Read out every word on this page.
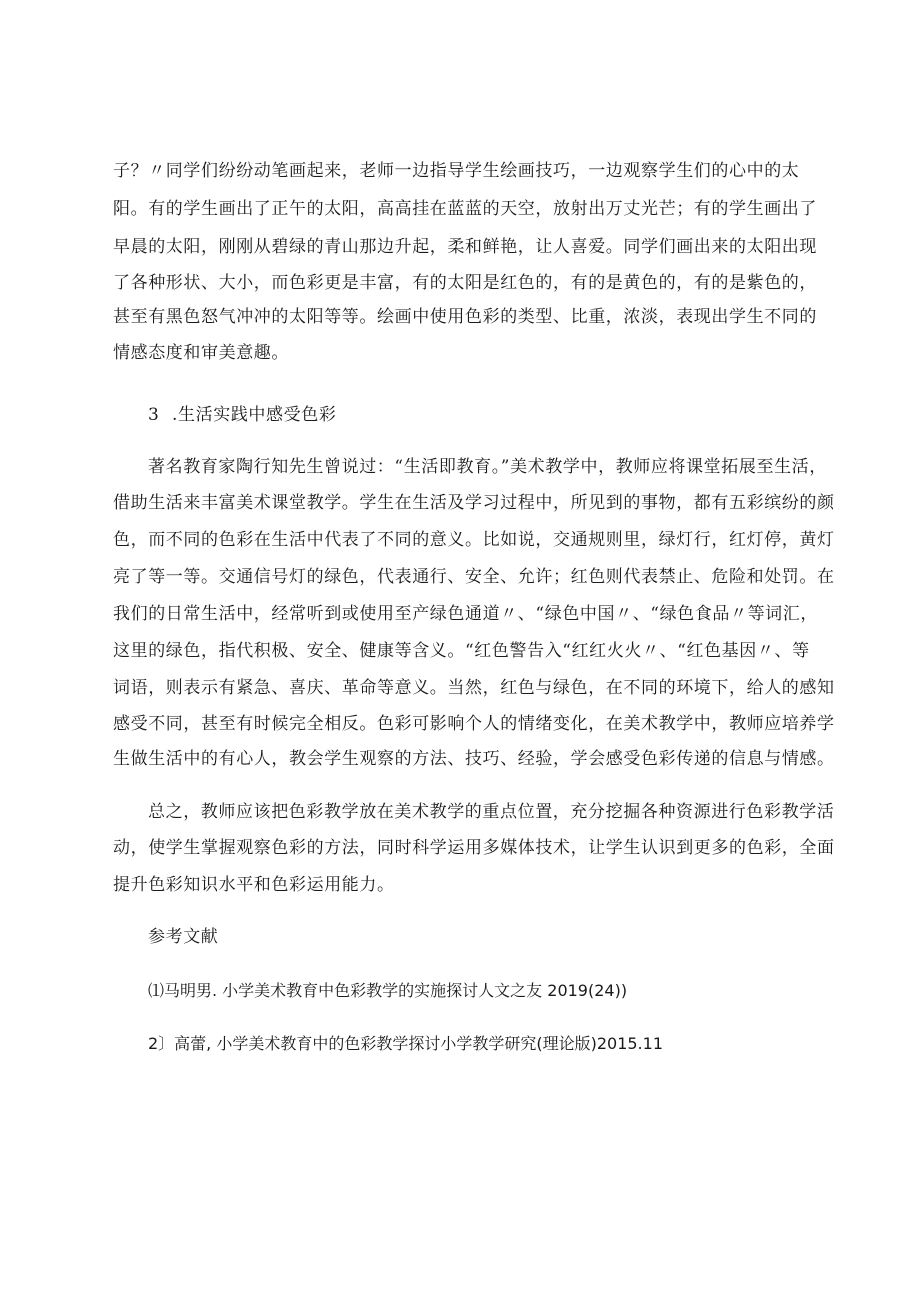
子？〃同学们纷纷动笔画起来，老师一边指导学生绘画技巧，一边观察学生们的心中的太
阳。有的学生画出了正午的太阳，高高挂在蓝蓝的天空，放射出万丈光芒；有的学生画出了
早晨的太阳，刚刚从碧绿的青山那边升起，柔和鲜艳，让人喜爱。同学们画出来的太阳出现
了各种形状、大小，而色彩更是丰富，有的太阳是红色的，有的是黄色的，有的是紫色的，
甚至有黑色怒气冲冲的太阳等等。绘画中使用色彩的类型、比重，浓淡，表现出学生不同的
情感态度和审美意趣。
3	.生活实践中感受色彩
著名教育家陶行知先生曾说过：“生活即教育。”美术教学中，教师应将课堂拓展至生活，
借助生活来丰富美术课堂教学。学生在生活及学习过程中，所见到的事物，都有五彩缤纷的颜
色，而不同的色彩在生活中代表了不同的意义。比如说，交通规则里，绿灯行，红灯停，黄灯
亮了等一等。交通信号灯的绿色，代表通行、安全、允许；红色则代表禁止、危险和处罚。在
我们的日常生活中，经常听到或使用至产绿色通道〃、“绿色中国〃、“绿色食品〃等词汇，
这里的绿色，指代积极、安全、健康等含义。“红色警告入“红红火火〃、“红色基因〃、等
词语，则表示有紧急、喜庆、革命等意义。当然，红色与绿色，在不同的环境下，给人的感知
感受不同，甚至有时候完全相反。色彩可影响个人的情绪变化，在美术教学中，教师应培养学
生做生活中的有心人，教会学生观察的方法、技巧、经验，学会感受色彩传递的信息与情感。
总之，教师应该把色彩教学放在美术教学的重点位置，充分挖掘各种资源进行色彩教学活
动，使学生掌握观察色彩的方法，同时科学运用多媒体技术，让学生认识到更多的色彩，全面
提升色彩知识水平和色彩运用能力。
参考文献
⑴马明男. 小学美术教育中色彩教学的实施探讨人文之友 2019(24))
2〕高蕾, 小学美术教育中的色彩教学探讨小学教学研究(理论版)2015.11
